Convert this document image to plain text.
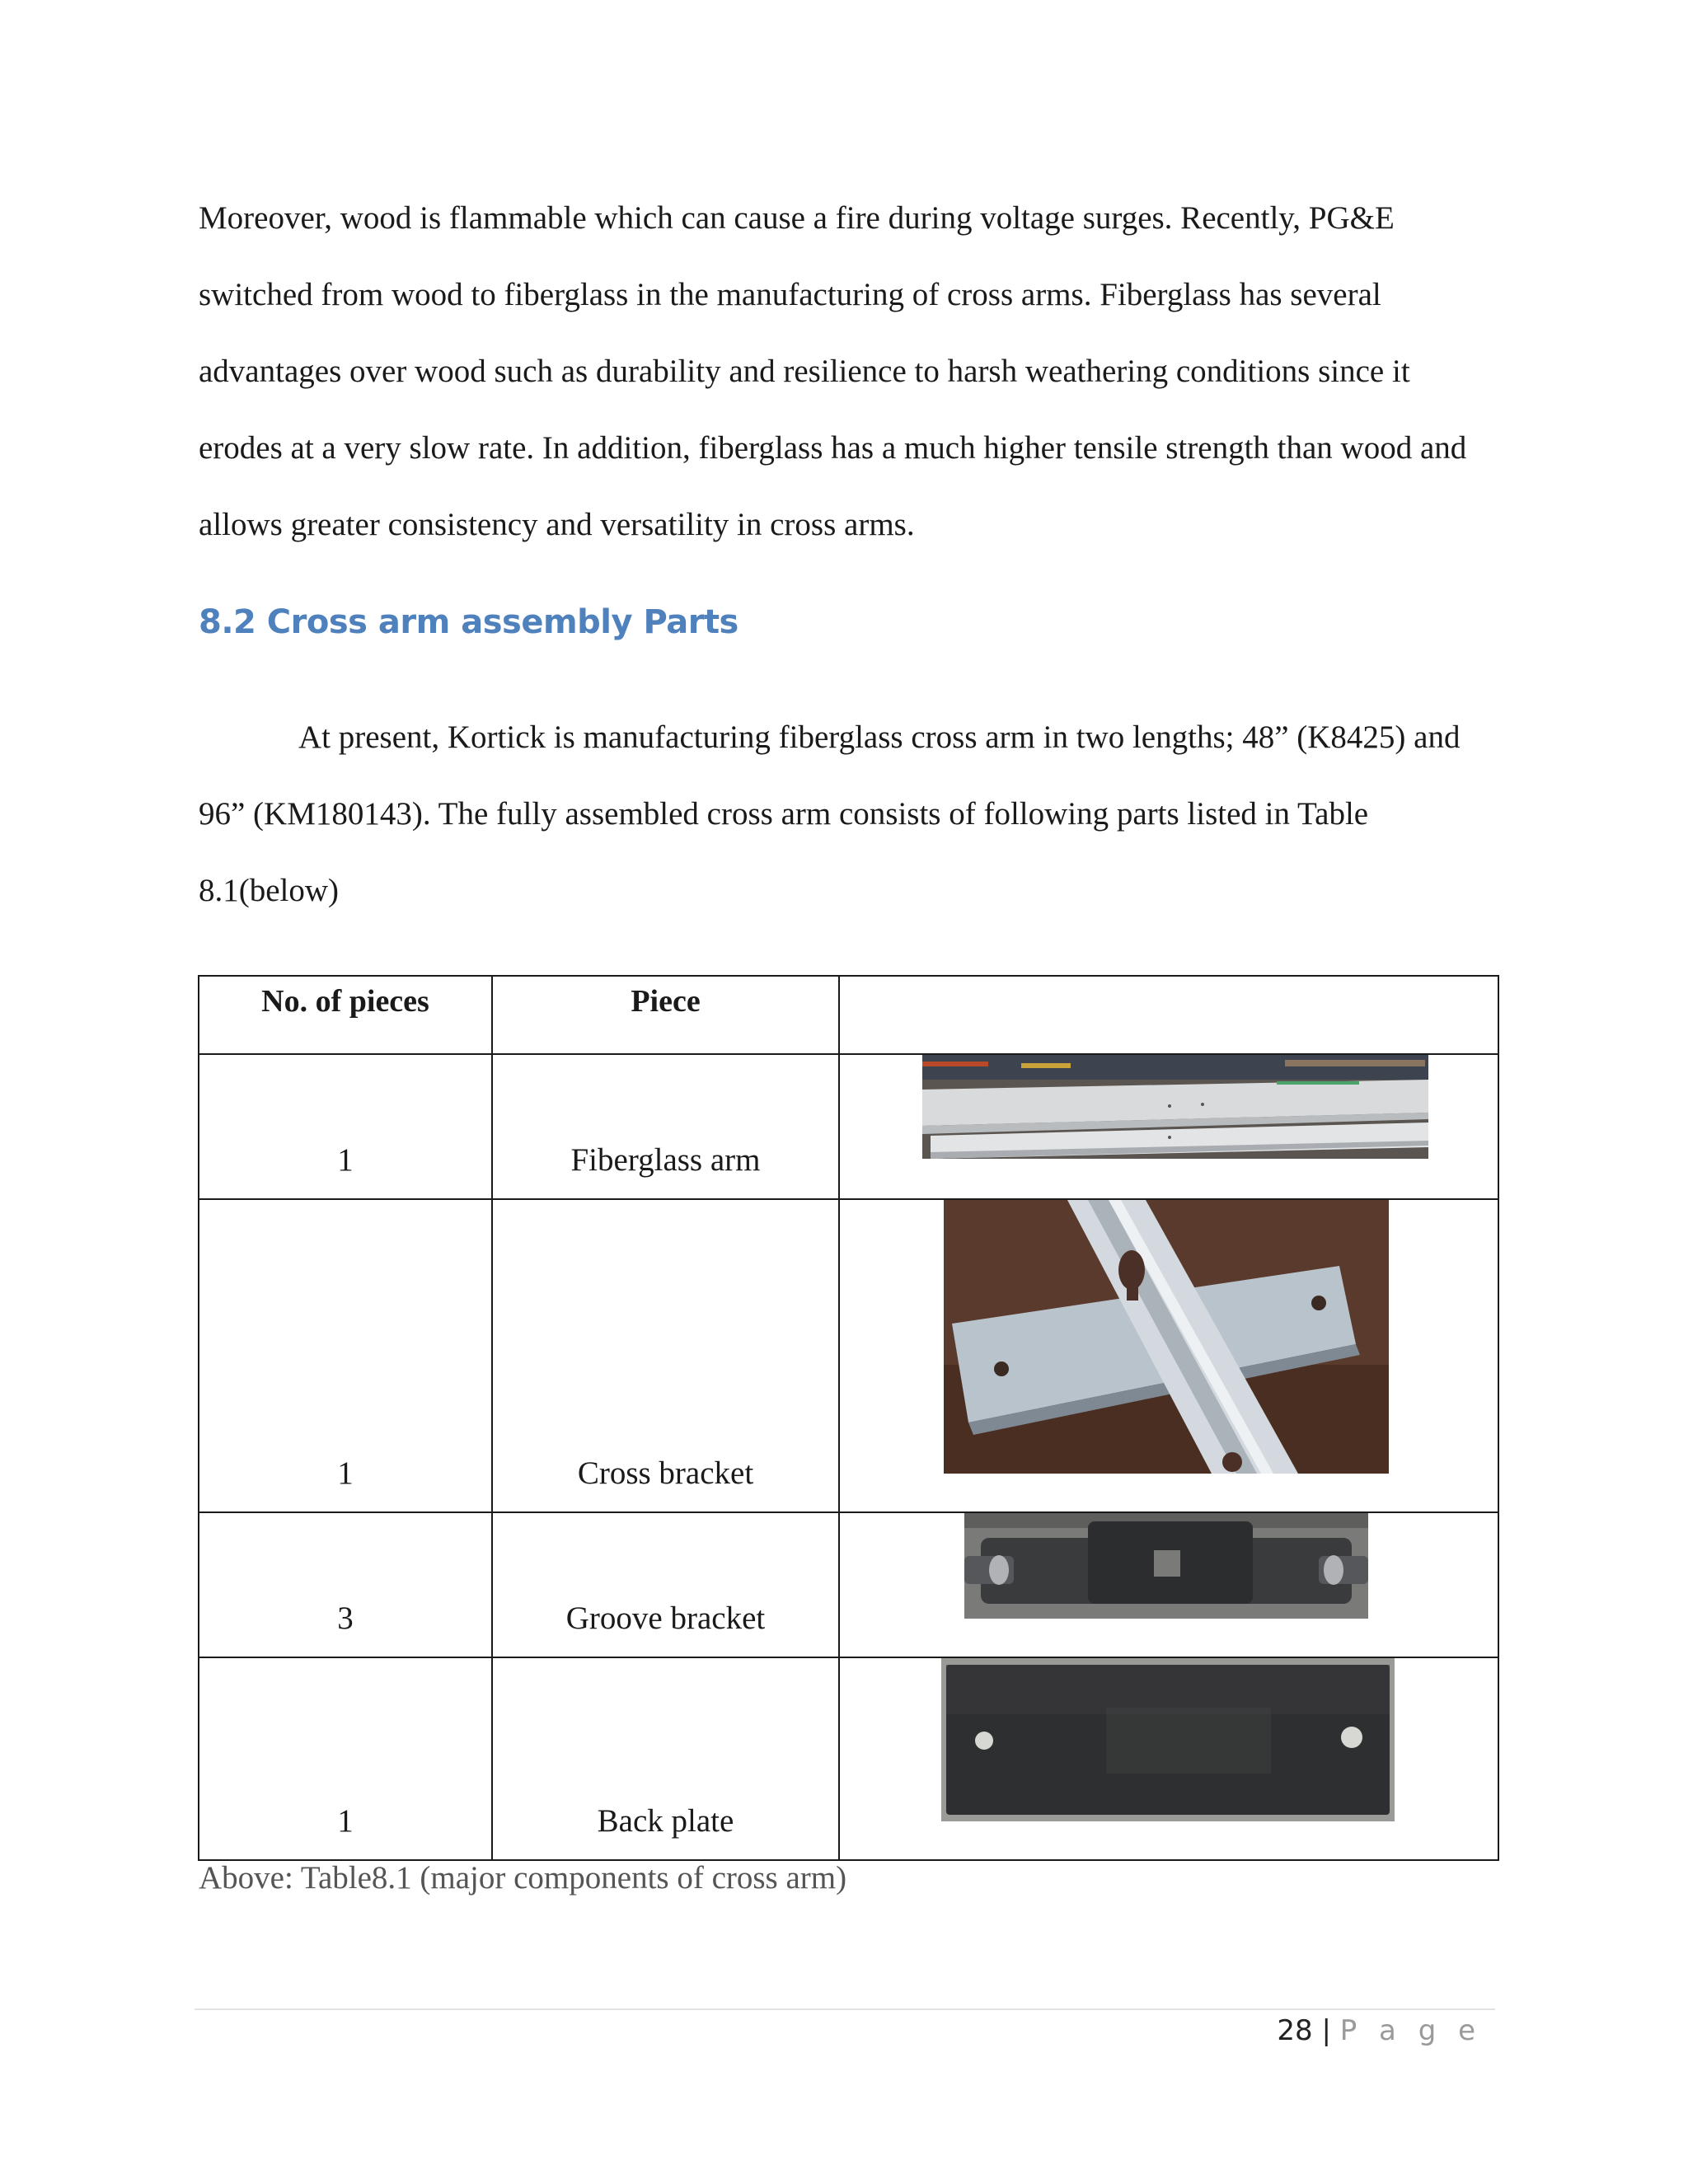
Moreover, wood is flammable which can cause a fire during voltage surges. Recently, PG&E switched from wood to fiberglass in the manufacturing of cross arms. Fiberglass has several advantages over wood such as durability and resilience to harsh weathering conditions since it erodes at a very slow rate. In addition, fiberglass has a much higher tensile strength than wood and allows greater consistency and versatility in cross arms.

8.2 Cross arm assembly Parts

At present, Kortick is manufacturing fiberglass cross arm in two lengths; 48” (K8425) and 96” (KM180143). The fully assembled cross arm consists of following parts listed in Table 8.1(below)

No. of pieces	Piece	
1	Fiberglass arm	

1	Cross bracket	

3	Groove bracket	

1	Back plate	

Above: Table8.1 (major components of cross arm)

28 | P a g e
